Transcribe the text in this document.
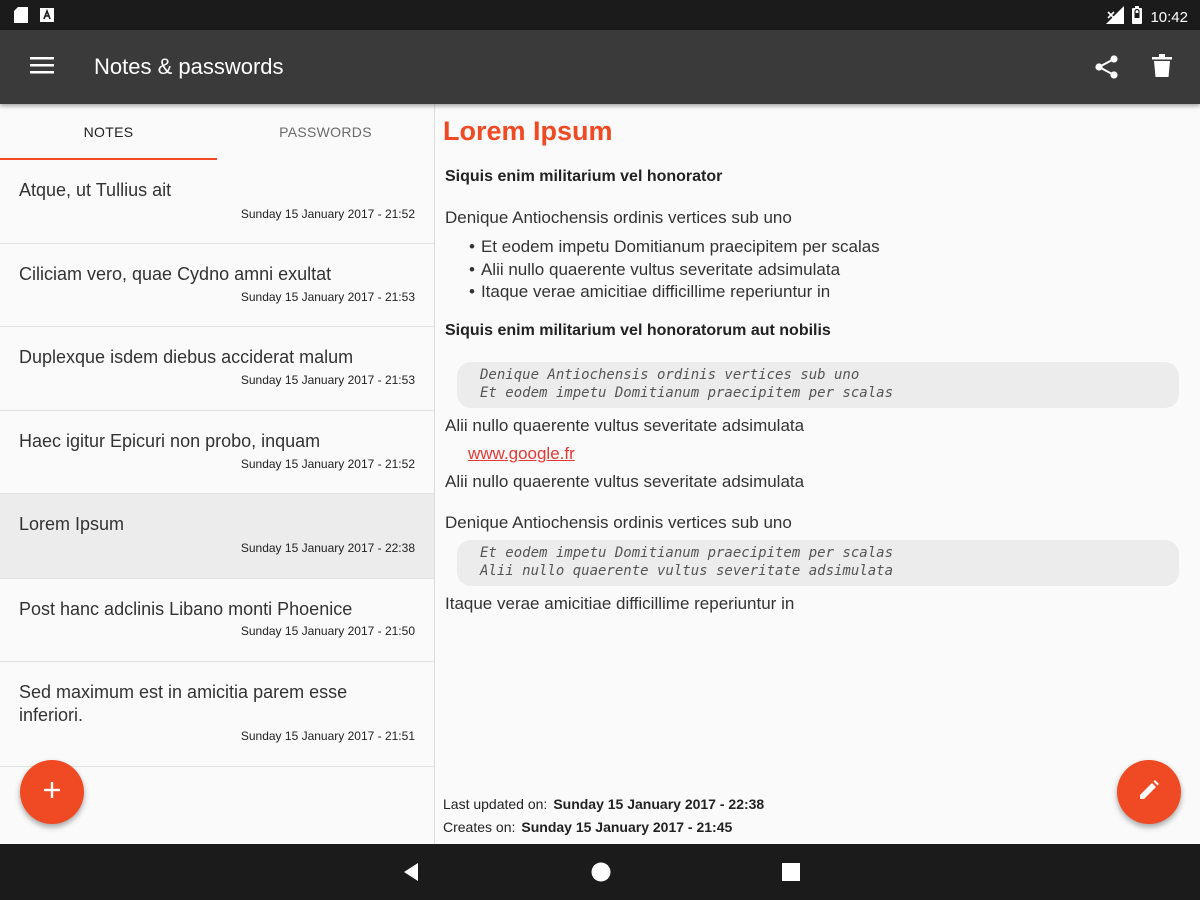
10:42
Notes & passwords
NOTES	PASSWORDS
Atque, ut Tullius ait
Sunday 15 January 2017 - 21:52
Ciliciam vero, quae Cydno amni exultat
Sunday 15 January 2017 - 21:53
Duplexque isdem diebus acciderat malum
Sunday 15 January 2017 - 21:53
Haec igitur Epicuri non probo, inquam
Sunday 15 January 2017 - 21:52
Lorem Ipsum
Sunday 15 January 2017 - 22:38
Post hanc adclinis Libano monti Phoenice
Sunday 15 January 2017 - 21:50
Sed maximum est in amicitia parem esse inferiori.
Sunday 15 January 2017 - 21:51
Lorem Ipsum
Siquis enim militarium vel honorator
Denique Antiochensis ordinis vertices sub uno
• Et eodem impetu Domitianum praecipitem per scalas
• Alii nullo quaerente vultus severitate adsimulata
• Itaque verae amicitiae difficillime reperiuntur in
Siquis enim militarium vel honoratorum aut nobilis
Denique Antiochensis ordinis vertices sub uno
Et eodem impetu Domitianum praecipitem per scalas
Alii nullo quaerente vultus severitate adsimulata
www.google.fr
Alii nullo quaerente vultus severitate adsimulata
Denique Antiochensis ordinis vertices sub uno
Et eodem impetu Domitianum praecipitem per scalas
Alii nullo quaerente vultus severitate adsimulata
Itaque verae amicitiae difficillime reperiuntur in
Last updated on: Sunday 15 January 2017 - 22:38
Creates on: Sunday 15 January 2017 - 21:45
